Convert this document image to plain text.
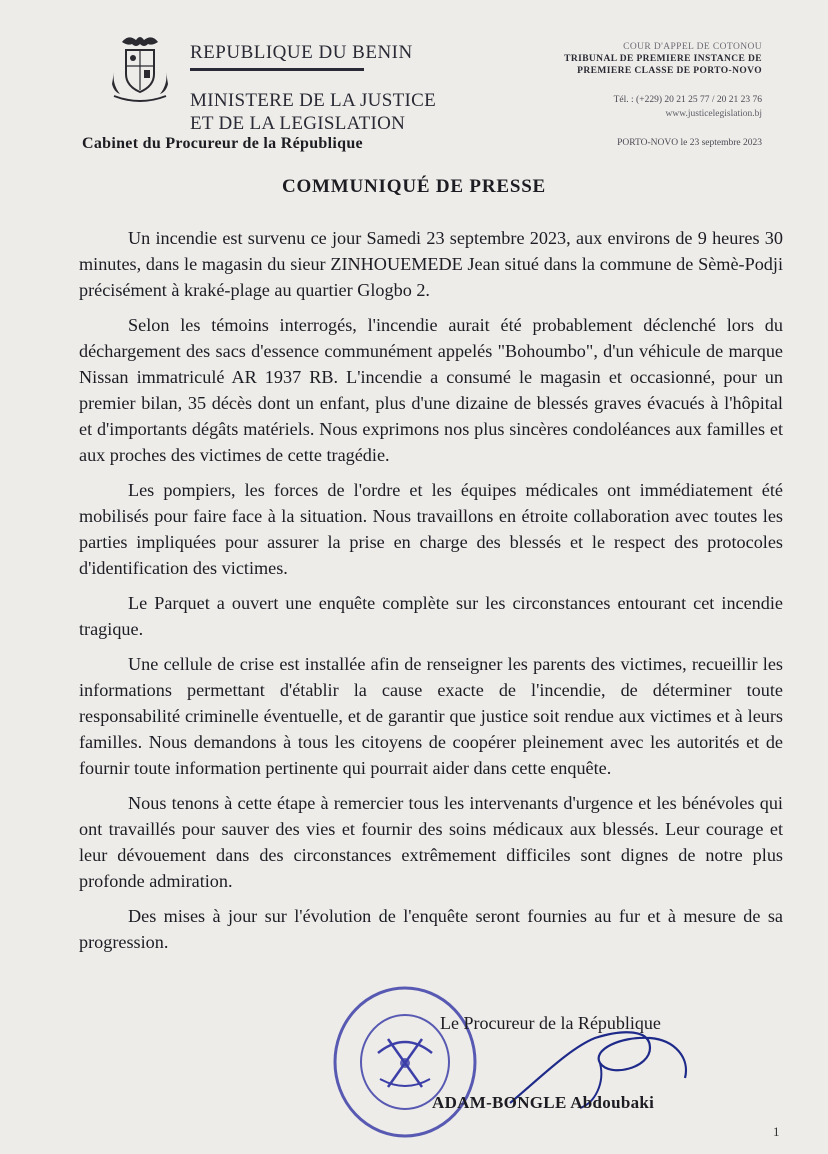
REPUBLIQUE DU BENIN
MINISTERE DE LA JUSTICE
ET DE LA LEGISLATION
Cabinet du Procureur de la République
COUR D'APPEL DE COTONOU
TRIBUNAL DE PREMIERE INSTANCE DE
PREMIERE CLASSE DE PORTO-NOVO
Tél. : (+229) 20 21 25 77 / 20 21 23 76
www.justicelegislation.bj
PORTO-NOVO le 23 septembre 2023
COMMUNIQUÉ DE PRESSE

Un incendie est survenu ce jour Samedi 23 septembre 2023, aux environs de 9 heures 30 minutes, dans le magasin du sieur ZINHOUEMEDE Jean situé dans la commune de Sèmè-Podji précisément à kraké-plage au quartier Glogbo 2.

Selon les témoins interrogés, l'incendie aurait été probablement déclenché lors du déchargement des sacs d'essence communément appelés "Bohoumbo", d'un véhicule de marque Nissan immatriculé AR 1937 RB. L'incendie a consumé le magasin et occasionné, pour un premier bilan, 35 décès dont un enfant, plus d'une dizaine de blessés graves évacués à l'hôpital et d'importants dégâts matériels. Nous exprimons nos plus sincères condoléances aux familles et aux proches des victimes de cette tragédie.

Les pompiers, les forces de l'ordre et les équipes médicales ont immédiatement été mobilisés pour faire face à la situation. Nous travaillons en étroite collaboration avec toutes les parties impliquées pour assurer la prise en charge des blessés et le respect des protocoles d'identification des victimes.

Le Parquet a ouvert une enquête complète sur les circonstances entourant cet incendie tragique.

Une cellule de crise est installée afin de renseigner les parents des victimes, recueillir les informations permettant d'établir la cause exacte de l'incendie, de déterminer toute responsabilité criminelle éventuelle, et de garantir que justice soit rendue aux victimes et à leurs familles. Nous demandons à tous les citoyens de coopérer pleinement avec les autorités et de fournir toute information pertinente qui pourrait aider dans cette enquête.

Nous tenons à cette étape à remercier tous les intervenants d'urgence et les bénévoles qui ont travaillés pour sauver des vies et fournir des soins médicaux aux blessés. Leur courage et leur dévouement dans des circonstances extrêmement difficiles sont dignes de notre plus profonde admiration.

Des mises à jour sur l'évolution de l'enquête seront fournies au fur et à mesure de sa progression.

Le Procureur de la République
ADAM-BONGLE Abdoubaki
1
